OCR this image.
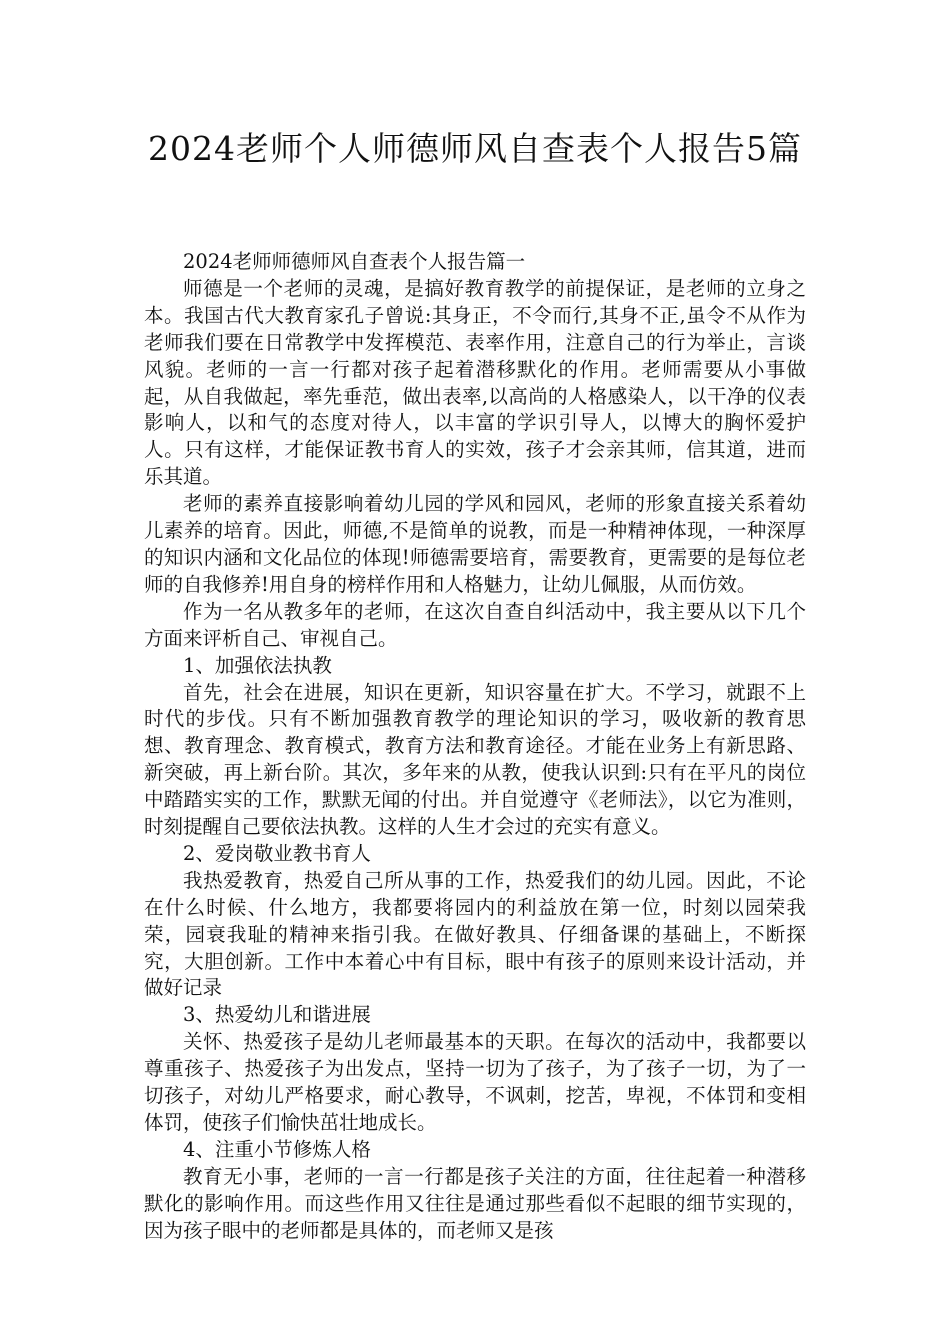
2024老师个人师德师风自查表个人报告5篇

2024老师师德师风自查表个人报告篇一

师德是一个老师的灵魂，是搞好教育教学的前提保证，是老师的立身之本。我国古代大教育家孔子曾说:其身正，不令而行,其身不正,虽令不从作为老师我们要在日常教学中发挥模范、表率作用，注意自己的行为举止，言谈风貌。老师的一言一行都对孩子起着潜移默化的作用。老师需要从小事做起，从自我做起，率先垂范，做出表率,以高尚的人格感染人，以干净的仪表影响人，以和气的态度对待人，以丰富的学识引导人，以博大的胸怀爱护人。只有这样，才能保证教书育人的实效，孩子才会亲其师，信其道，进而乐其道。

老师的素养直接影响着幼儿园的学风和园风，老师的形象直接关系着幼儿素养的培育。因此，师德,不是简单的说教，而是一种精神体现，一种深厚的知识内涵和文化品位的体现!师德需要培育，需要教育，更需要的是每位老师的自我修养!用自身的榜样作用和人格魅力，让幼儿佩服，从而仿效。

作为一名从教多年的老师，在这次自查自纠活动中，我主要从以下几个方面来评析自己、审视自己。

1、加强依法执教

首先，社会在进展，知识在更新，知识容量在扩大。不学习，就跟不上时代的步伐。只有不断加强教育教学的理论知识的学习，吸收新的教育思想、教育理念、教育模式，教育方法和教育途径。才能在业务上有新思路、新突破，再上新台阶。其次，多年来的从教，使我认识到:只有在平凡的岗位中踏踏实实的工作，默默无闻的付出。并自觉遵守《老师法》，以它为准则，时刻提醒自己要依法执教。这样的人生才会过的充实有意义。

2、爱岗敬业教书育人

我热爱教育，热爱自己所从事的工作，热爱我们的幼儿园。因此，不论在什么时候、什么地方，我都要将园内的利益放在第一位，时刻以园荣我荣，园衰我耻的精神来指引我。在做好教具、仔细备课的基础上，不断探究，大胆创新。工作中本着心中有目标，眼中有孩子的原则来设计活动，并做好记录

3、热爱幼儿和谐进展

关怀、热爱孩子是幼儿老师最基本的天职。在每次的活动中，我都要以尊重孩子、热爱孩子为出发点，坚持一切为了孩子，为了孩子一切，为了一切孩子，对幼儿严格要求，耐心教导，不讽刺，挖苦，卑视，不体罚和变相体罚，使孩子们愉快茁壮地成长。

4、注重小节修炼人格

教育无小事，老师的一言一行都是孩子关注的方面，往往起着一种潜移默化的影响作用。而这些作用又往往是通过那些看似不起眼的细节实现的，因为孩子眼中的老师都是具体的，而老师又是孩
